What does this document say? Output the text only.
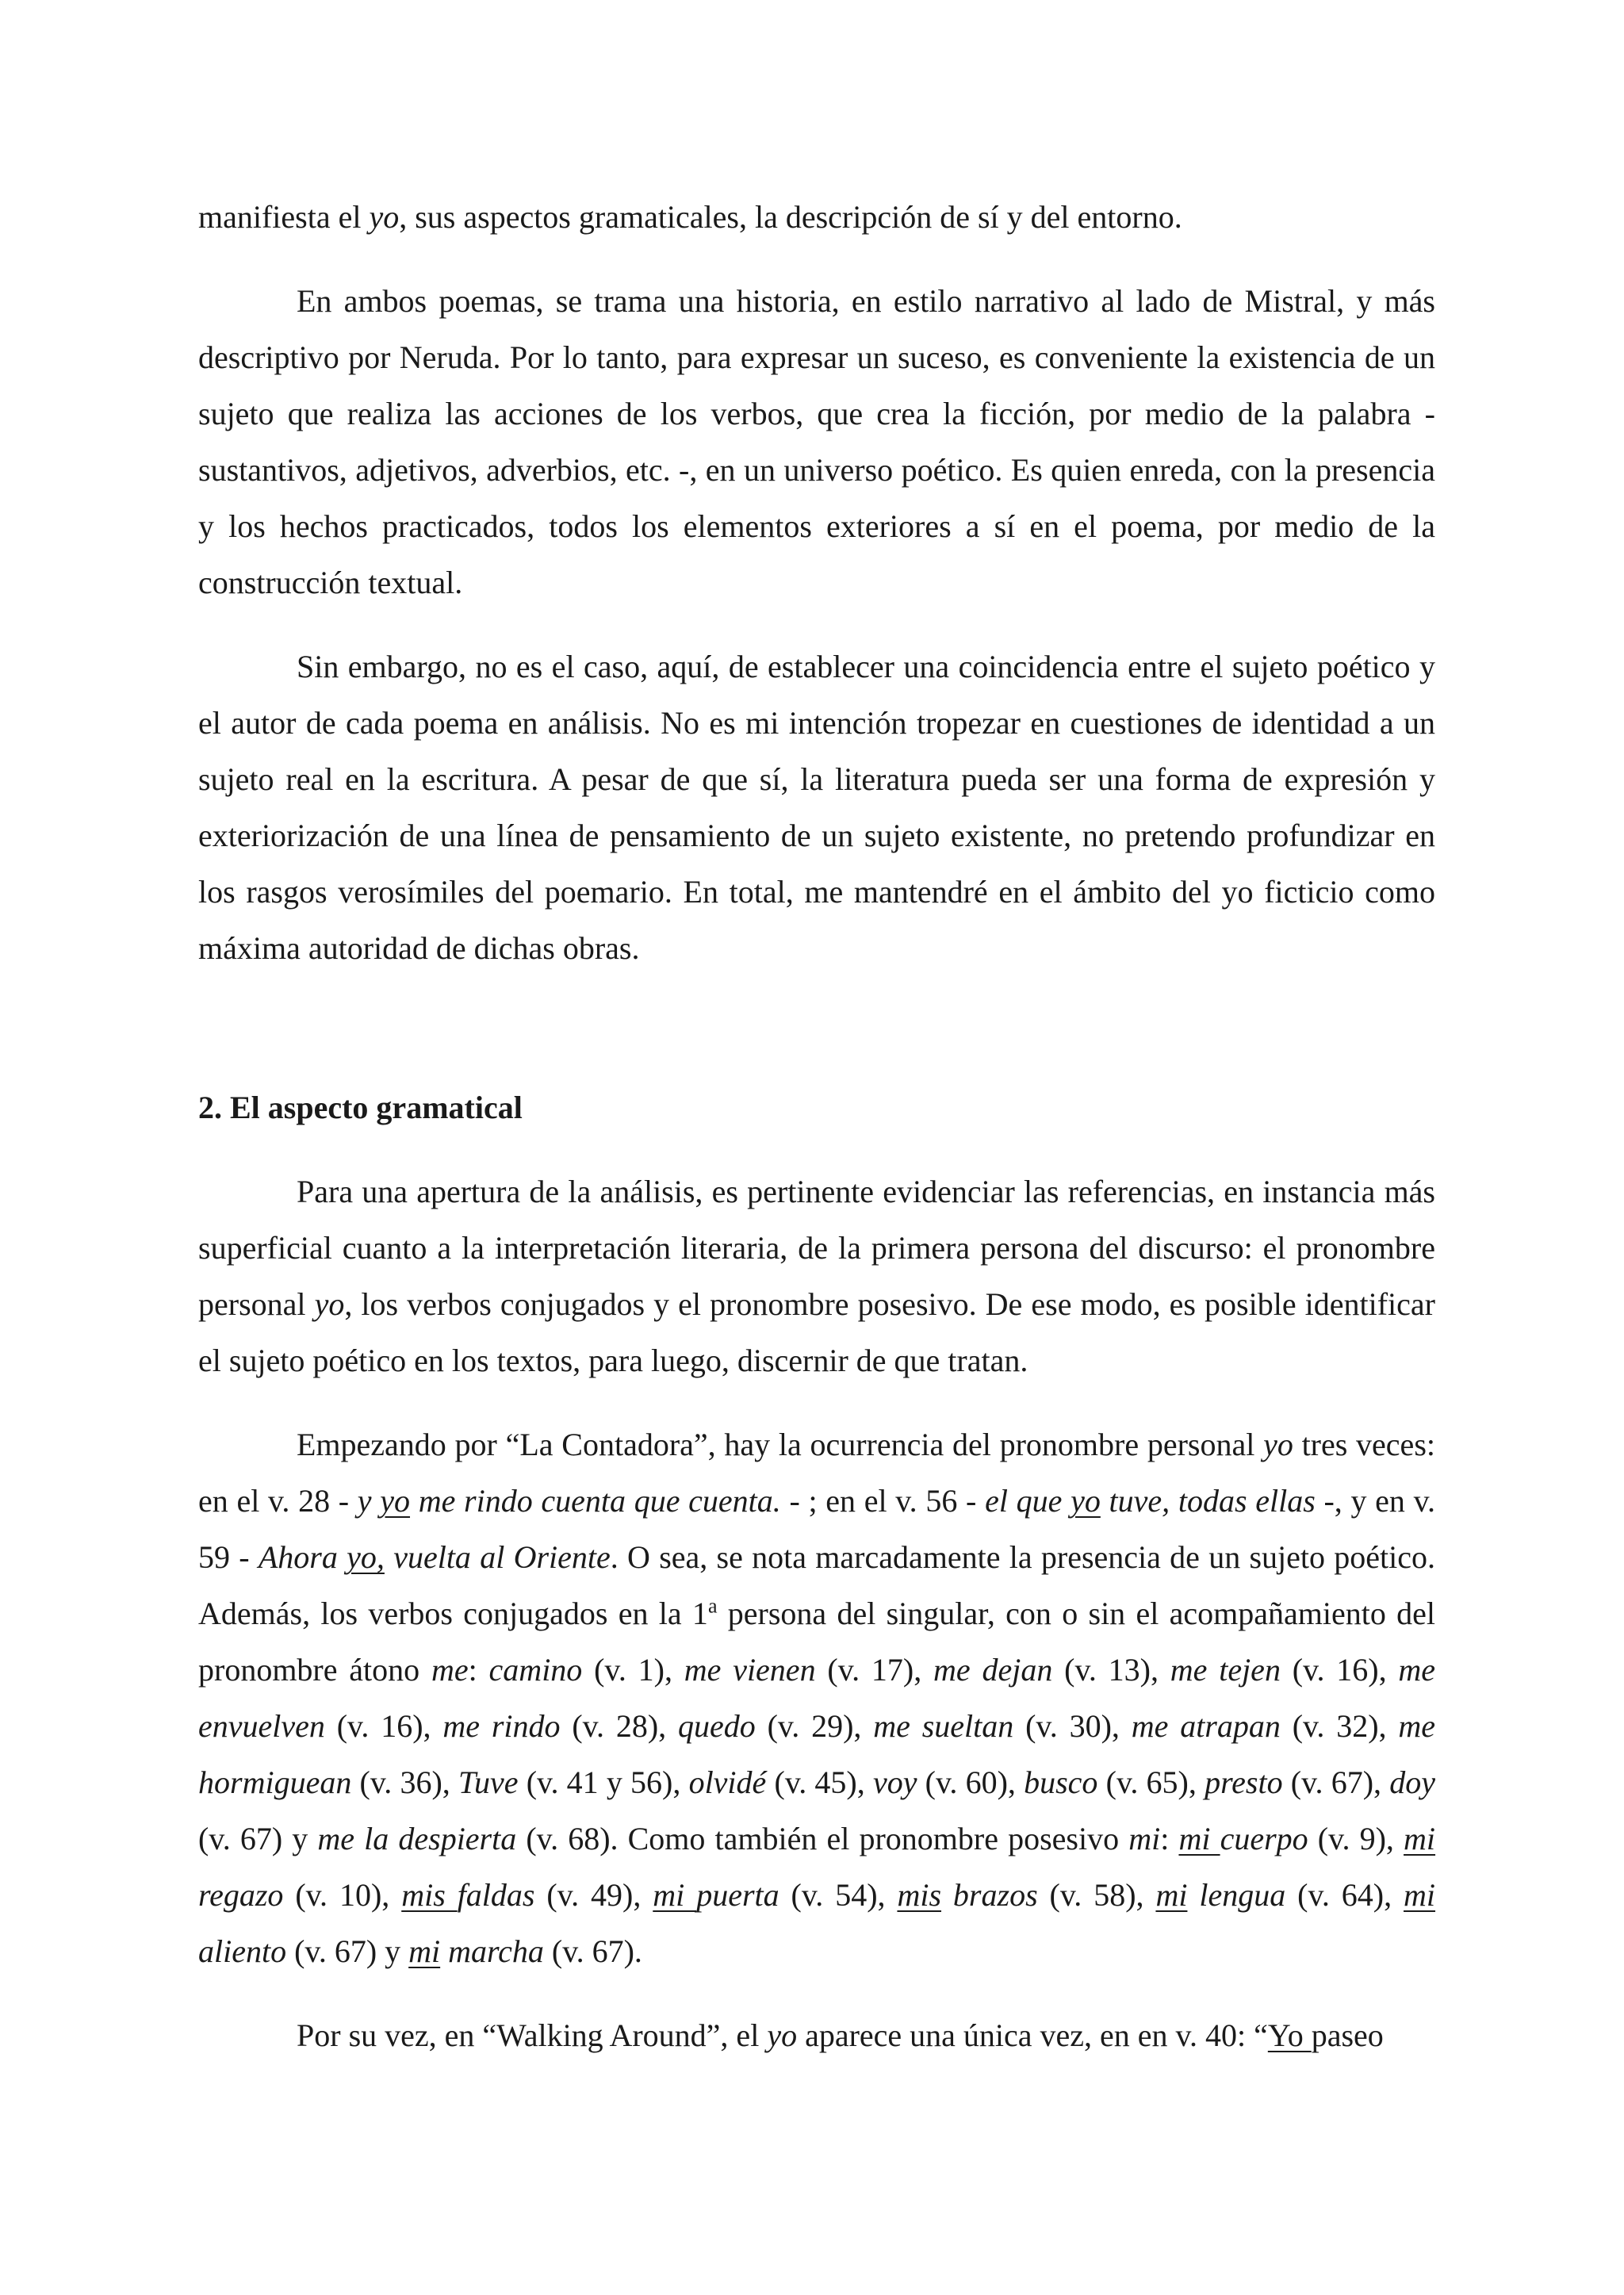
manifiesta el yo, sus aspectos gramaticales, la descripción de sí y del entorno.

En ambos poemas, se trama una historia, en estilo narrativo al lado de Mistral, y más descriptivo por Neruda. Por lo tanto, para expresar un suceso, es conveniente la existencia de un sujeto que realiza las acciones de los verbos, que crea la ficción, por medio de la palabra - sustantivos, adjetivos, adverbios, etc. -, en un universo poético. Es quien enreda, con la presencia y los hechos practicados, todos los elementos exteriores a sí en el poema, por medio de la construcción textual.

Sin embargo, no es el caso, aquí, de establecer una coincidencia entre el sujeto poético y el autor de cada poema en análisis. No es mi intención tropezar en cuestiones de identidad a un sujeto real en la escritura. A pesar de que sí, la literatura pueda ser una forma de expresión y exteriorización de una línea de pensamiento de un sujeto existente, no pretendo profundizar en los rasgos verosímiles del poemario. En total, me mantendré en el ámbito del yo ficticio como máxima autoridad de dichas obras.

2. El aspecto gramatical

Para una apertura de la análisis, es pertinente evidenciar las referencias, en instancia más superficial cuanto a la interpretación literaria, de la primera persona del discurso: el pronombre personal yo, los verbos conjugados y el pronombre posesivo. De ese modo, es posible identificar el sujeto poético en los textos, para luego, discernir de que tratan.

Empezando por “La Contadora”, hay la ocurrencia del pronombre personal yo tres veces: en el v. 28 - y yo me rindo cuenta que cuenta. - ; en el v. 56 - el que yo tuve, todas ellas -, y en v. 59 - Ahora yo, vuelta al Oriente. O sea, se nota marcadamente la presencia de un sujeto poético. Además, los verbos conjugados en la 1$^a$ persona del singular, con o sin el acompañamiento del pronombre átono me: camino (v. 1), me vienen (v. 17), me dejan (v. 13), me tejen (v. 16), me envuelven (v. 16), me rindo (v. 28), quedo (v. 29), me sueltan (v. 30), me atrapan (v. 32), me hormiguean (v. 36), Tuve (v. 41 y 56), olvidé (v. 45), voy (v. 60), busco (v. 65), presto (v. 67), doy (v. 67) y me la despierta (v. 68). Como también el pronombre posesivo mi: mi cuerpo (v. 9), mi regazo (v. 10), mis faldas (v. 49), mi puerta (v. 54), mis brazos (v. 58), mi lengua (v. 64), mi aliento (v. 67) y mi marcha (v. 67).

Por su vez, en “Walking Around”, el yo aparece una única vez, en en v. 40: “Yo paseo
